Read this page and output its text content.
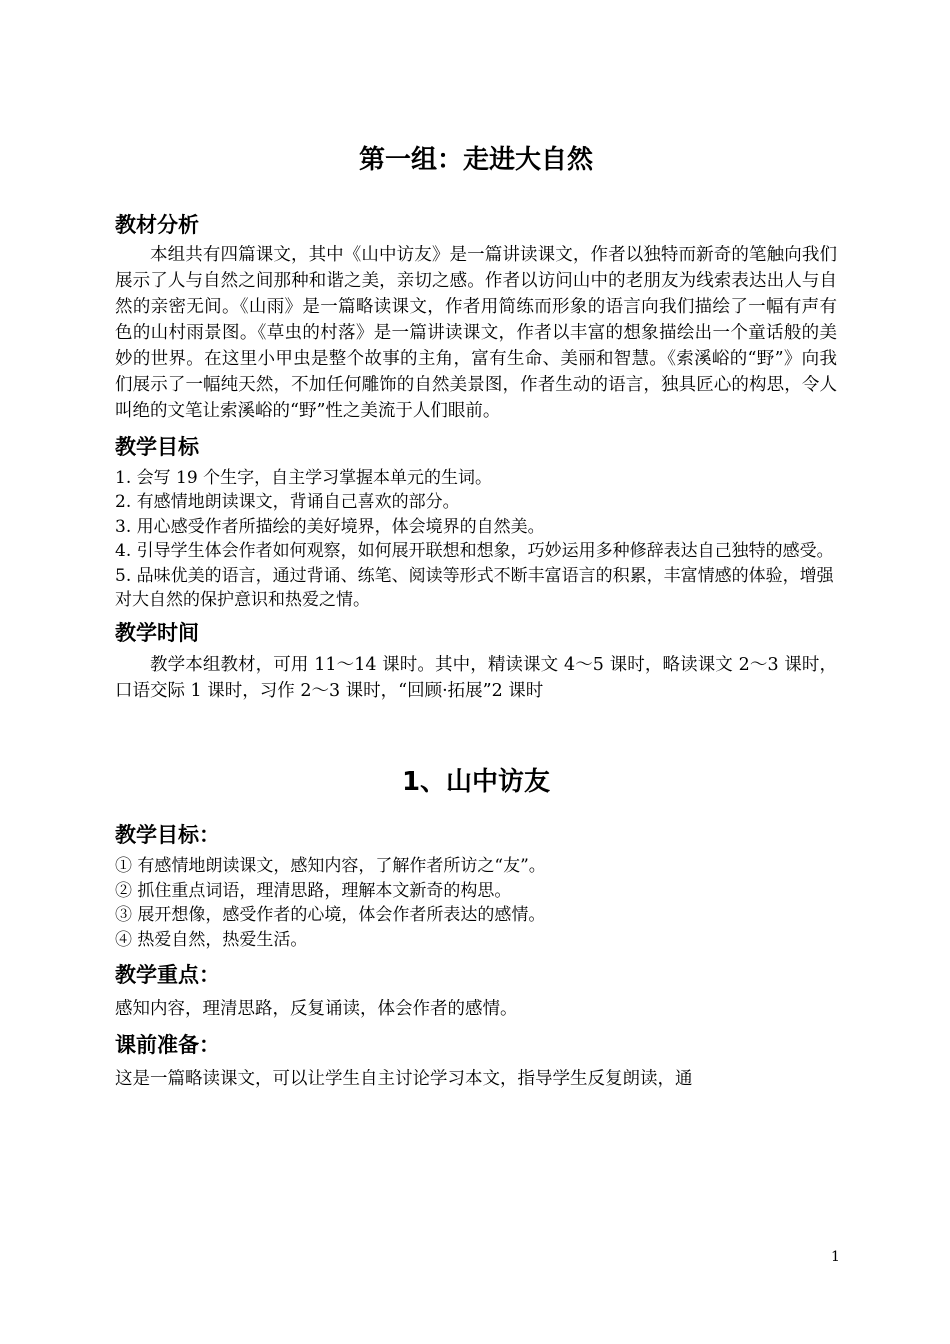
第一组：走进大自然
教材分析

本组共有四篇课文，其中《山中访友》是一篇讲读课文，作者以独特而新奇的笔触向我们展示了人与自然之间那种和谐之美，亲切之感。作者以访问山中的老朋友为线索表达出人与自然的亲密无间。《山雨》是一篇略读课文，作者用简练而形象的语言向我们描绘了一幅有声有色的山村雨景图。《草虫的村落》是一篇讲读课文，作者以丰富的想象描绘出一个童话般的美妙的世界。在这里小甲虫是整个故事的主角，富有生命、美丽和智慧。《索溪峪的“野”》向我们展示了一幅纯天然，不加任何雕饰的自然美景图，作者生动的语言，独具匠心的构思，令人叫绝的文笔让索溪峪的“野”性之美流于人们眼前。

教学目标
1. 会写 19 个生字，自主学习掌握本单元的生词。
2. 有感情地朗读课文，背诵自己喜欢的部分。
3. 用心感受作者所描绘的美好境界，体会境界的自然美。
4. 引导学生体会作者如何观察，如何展开联想和想象，巧妙运用多种修辞表达自己独特的感受。
5. 品味优美的语言，通过背诵、练笔、阅读等形式不断丰富语言的积累，丰富情感的体验，增强对大自然的保护意识和热爱之情。
教学时间

教学本组教材，可用 11～14 课时。其中，精读课文 4～5 课时，略读课文 2～3 课时，口语交际 1 课时，习作 2～3 课时，“回顾·拓展”2 课时

1、山中访友
教学目标：
① 有感情地朗读课文，感知内容，了解作者所访之“友”。
② 抓住重点词语，理清思路，理解本文新奇的构思。
③ 展开想像，感受作者的心境，体会作者所表达的感情。
④ 热爱自然，热爱生活。
教学重点：

感知内容，理清思路，反复诵读，体会作者的感情。

课前准备：

这是一篇略读课文，可以让学生自主讨论学习本文，指导学生反复朗读，通

1
